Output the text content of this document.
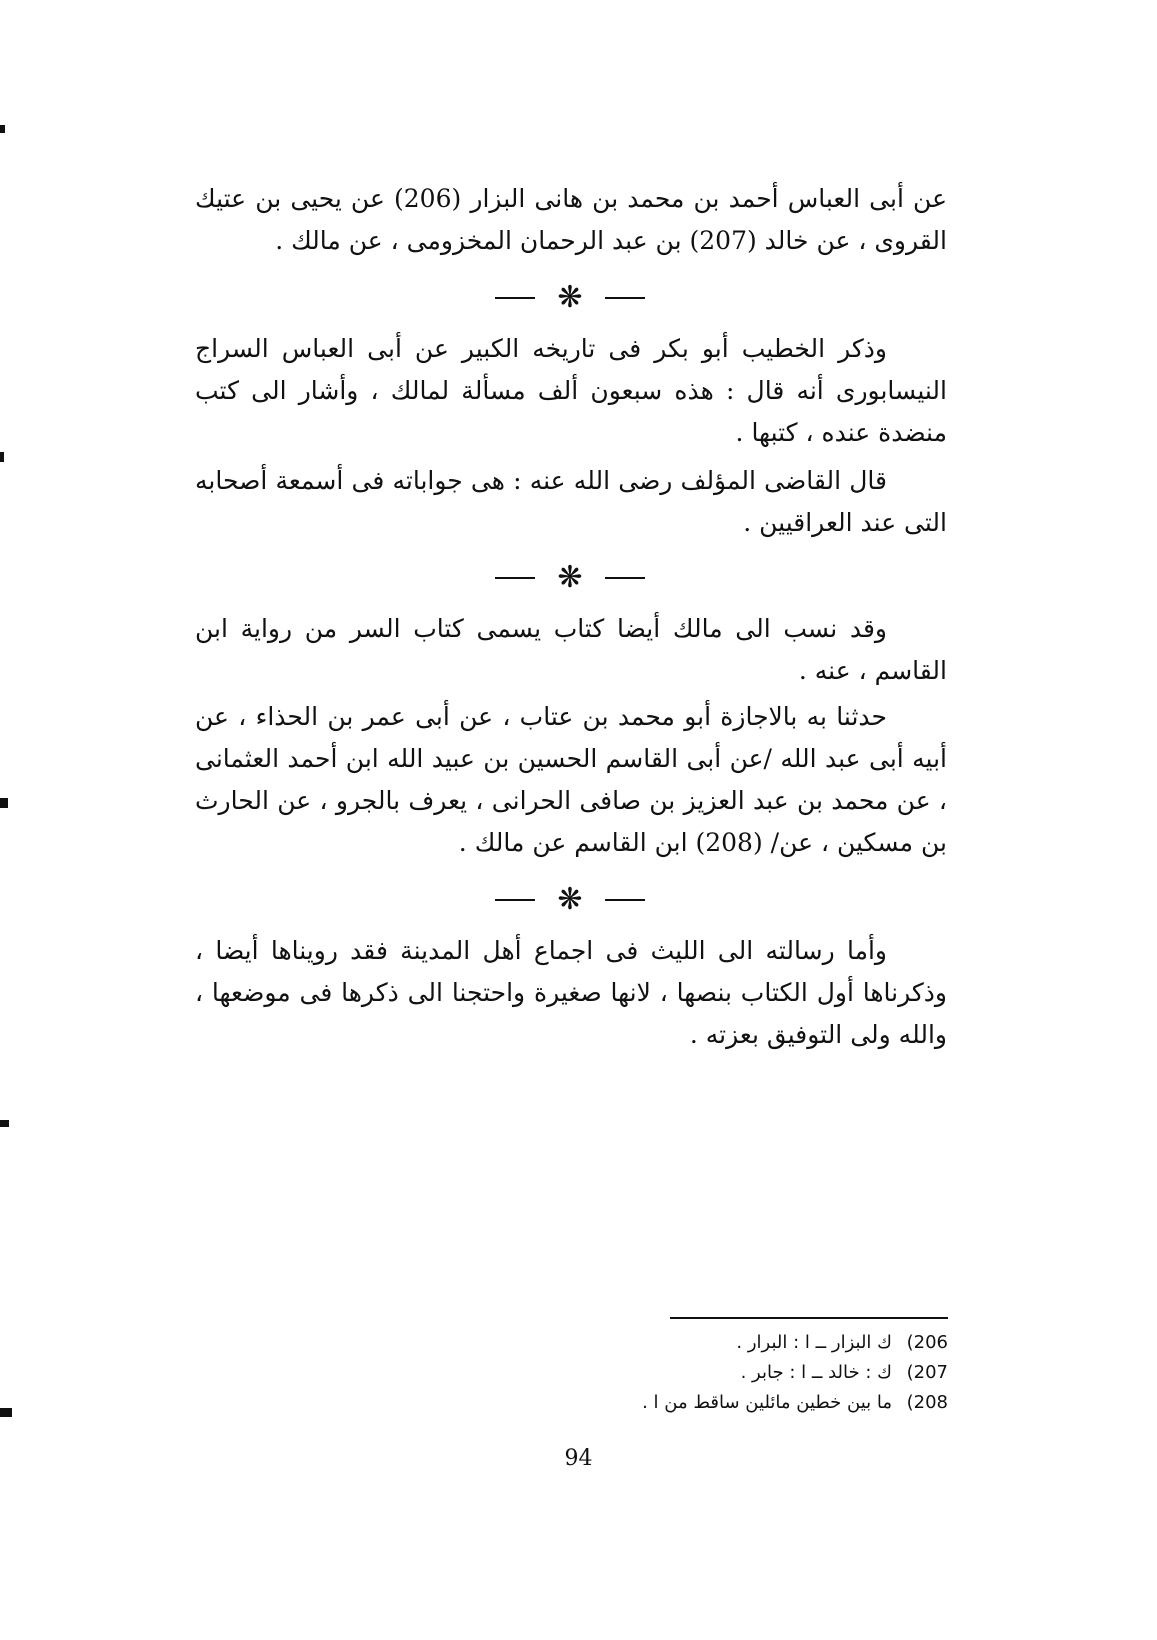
عن أبى العباس أحمد بن محمد بن هانى البزار (206) عن يحيى بن عتيك القروى ، عن خالد (207) بن عبد الرحمان المخزومى ، عن مالك .

❋

وذكر الخطيب أبو بكر فى تاريخه الكبير عن أبى العباس السراج النيسابورى أنه قال : هذه سبعون ألف مسألة لمالك ، وأشار الى كتب منضدة عنده ، كتبها .

قال القاضى المؤلف رضى الله عنه : هى جواباته فى أسمعة أصحابه التى عند العراقيين .

❋

وقد نسب الى مالك أيضا كتاب يسمى كتاب السر من رواية ابن القاسم ، عنه .

حدثنا به بالاجازة أبو محمد بن عتاب ، عن أبى عمر بن الحذاء ، عن أبيه أبى عبد الله /عن أبى القاسم الحسين بن عبيد الله ابن أحمد العثمانى ، عن محمد بن عبد العزيز بن صافى الحرانى ، يعرف بالجرو ، عن الحارث بن مسكين ، عن/ (208) ابن القاسم عن مالك .

❋

وأما رسالته الى الليث فى اجماع أهل المدينة فقد رويناها أيضا ، وذكرناها أول الكتاب بنصها ، لانها صغيرة واحتجنا الى ذكرها فى موضعها ، والله ولى التوفيق بعزته .

206)
ك البزار ــ ا : البرار .
207)
ك : خالد ــ ا : جابر .
208)
ما بين خطين مائلين ساقط من ا .
94
